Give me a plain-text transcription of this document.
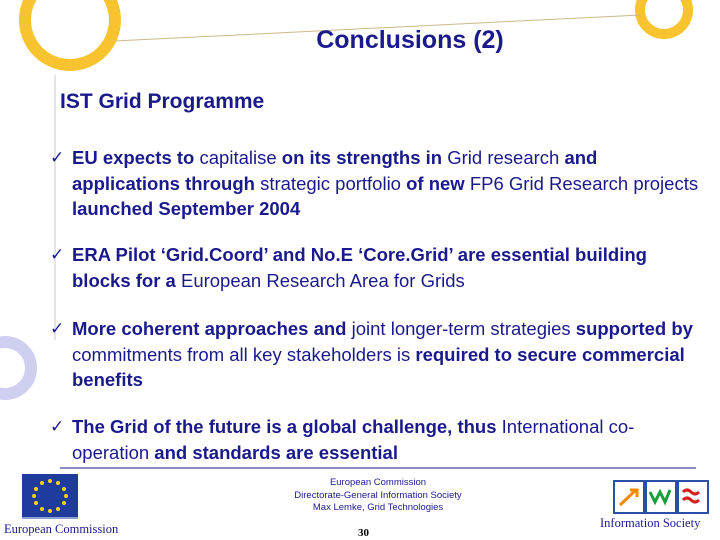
Conclusions (2)
IST Grid Programme
✓ EU expects to capitalise on its strengths in Grid research and applications through strategic portfolio of new FP6 Grid Research projects launched September 2004
✓ ERA Pilot ‘Grid.Coord’ and No.E ‘Core.Grid’ are essential building blocks for a European Research Area for Grids
✓ More coherent approaches and joint longer-term strategies supported by commitments from all key stakeholders is required to secure commercial benefits
✓ The Grid of the future is a global challenge, thus International co-operation and standards are essential
European Commission
Directorate-General Information Society
Max Lemke, Grid Technologies
30
European Commission	Information Society
